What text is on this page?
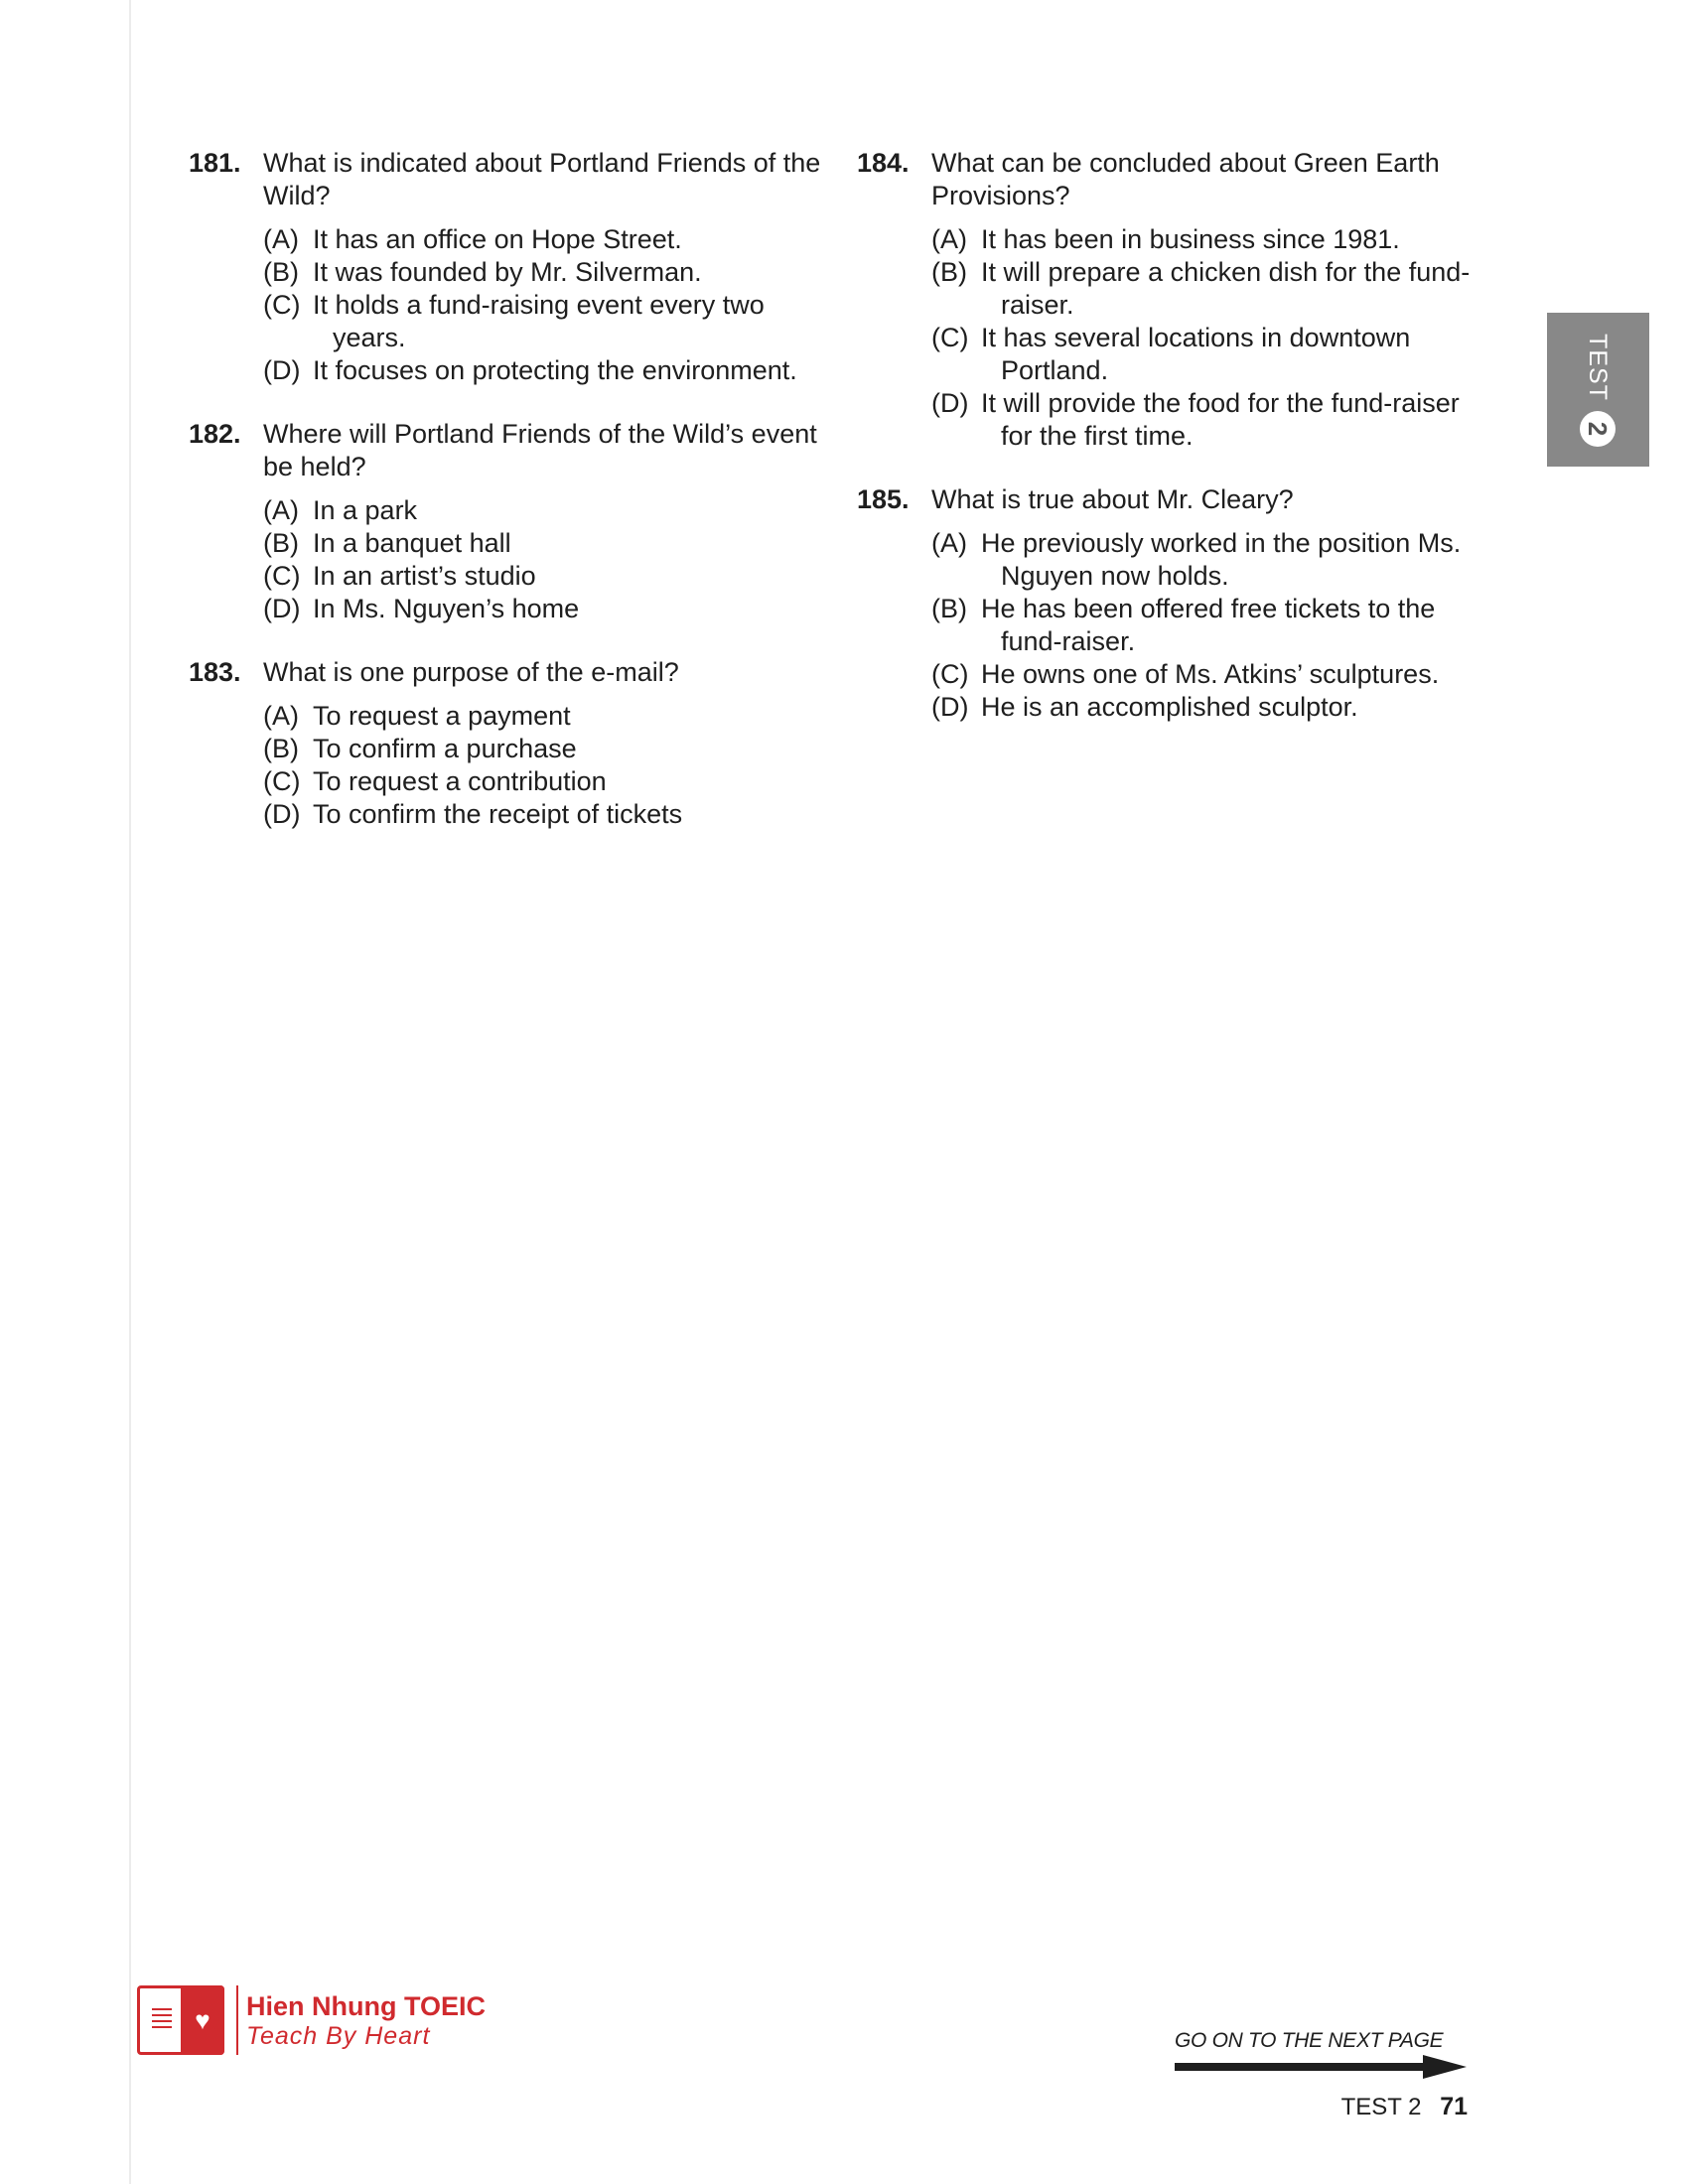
181. What is indicated about Portland Friends of the Wild?
(A) It has an office on Hope Street.
(B) It was founded by Mr. Silverman.
(C) It holds a fund-raising event every two years.
(D) It focuses on protecting the environment.
182. Where will Portland Friends of the Wild’s event be held?
(A) In a park
(B) In a banquet hall
(C) In an artist’s studio
(D) In Ms. Nguyen’s home
183. What is one purpose of the e-mail?
(A) To request a payment
(B) To confirm a purchase
(C) To request a contribution
(D) To confirm the receipt of tickets
184. What can be concluded about Green Earth Provisions?
(A) It has been in business since 1981.
(B) It will prepare a chicken dish for the fund-raiser.
(C) It has several locations in downtown Portland.
(D) It will provide the food for the fund-raiser for the first time.
185. What is true about Mr. Cleary?
(A) He previously worked in the position Ms. Nguyen now holds.
(B) He has been offered free tickets to the fund-raiser.
(C) He owns one of Ms. Atkins’ sculptures.
(D) He is an accomplished sculptor.
TEST
2
♥	Hien Nhung TOEIC
Teach By Heart	GO ON TO THE NEXT PAGE
TEST 2 71
